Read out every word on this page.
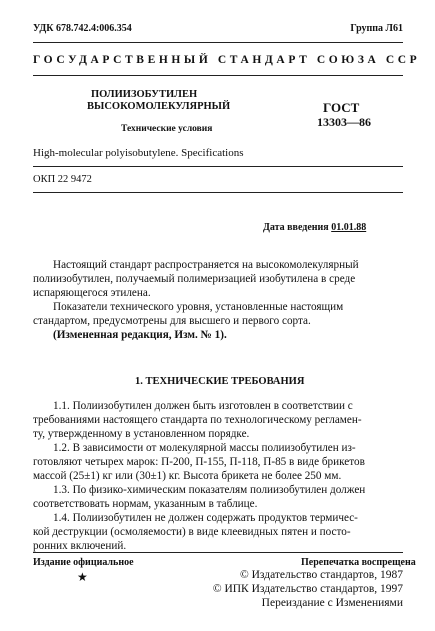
УДК 678.742.4:006.354	Группа Л61
ГОСУДАРСТВЕННЫЙ СТАНДАРТ СОЮЗА ССР
ПОЛИИЗОБУТИЛЕН
ВЫСОКОМОЛЕКУЛЯРНЫЙ	ГОСТ
13303—86
Технические условия
High-molecular polyisobutylene. Specifications
ОКП 22 9472
Дата введения 01.01.88
Настоящий стандарт распространяется на высокомолекулярный
полиизобутилен, получаемый полимеризацией изобутилена в среде
испаряющегося этилена.
Показатели технического уровня, установленные настоящим
стандартом, предусмотрены для высшего и первого сорта.
(Измененная редакция, Изм. № 1).
1. ТЕХНИЧЕСКИЕ ТРЕБОВАНИЯ
1.1. Полиизобутилен должен быть изготовлен в соответствии с
требованиями настоящего стандарта по технологическому регламен-
ту, утвержденному в установленном порядке.
1.2. В зависимости от молекулярной массы полиизобутилен из-
готовляют четырех марок: П-200, П-155, П-118, П-85 в виде брикетов
массой (25±1) кг или (30±1) кг. Высота брикета не более 250 мм.
1.3. По физико-химическим показателям полиизобутилен должен
соответствовать нормам, указанным в таблице.
1.4. Полиизобутилен не должен содержать продуктов термичес-
кой деструкции (осмоляемости) в виде клеевидных пятен и посто-
ронних включений.
Издание официальное
★
Перепечатка воспрещена
© Издательство стандартов, 1987
© ИПК Издательство стандартов, 1997
Переиздание с Изменениями
